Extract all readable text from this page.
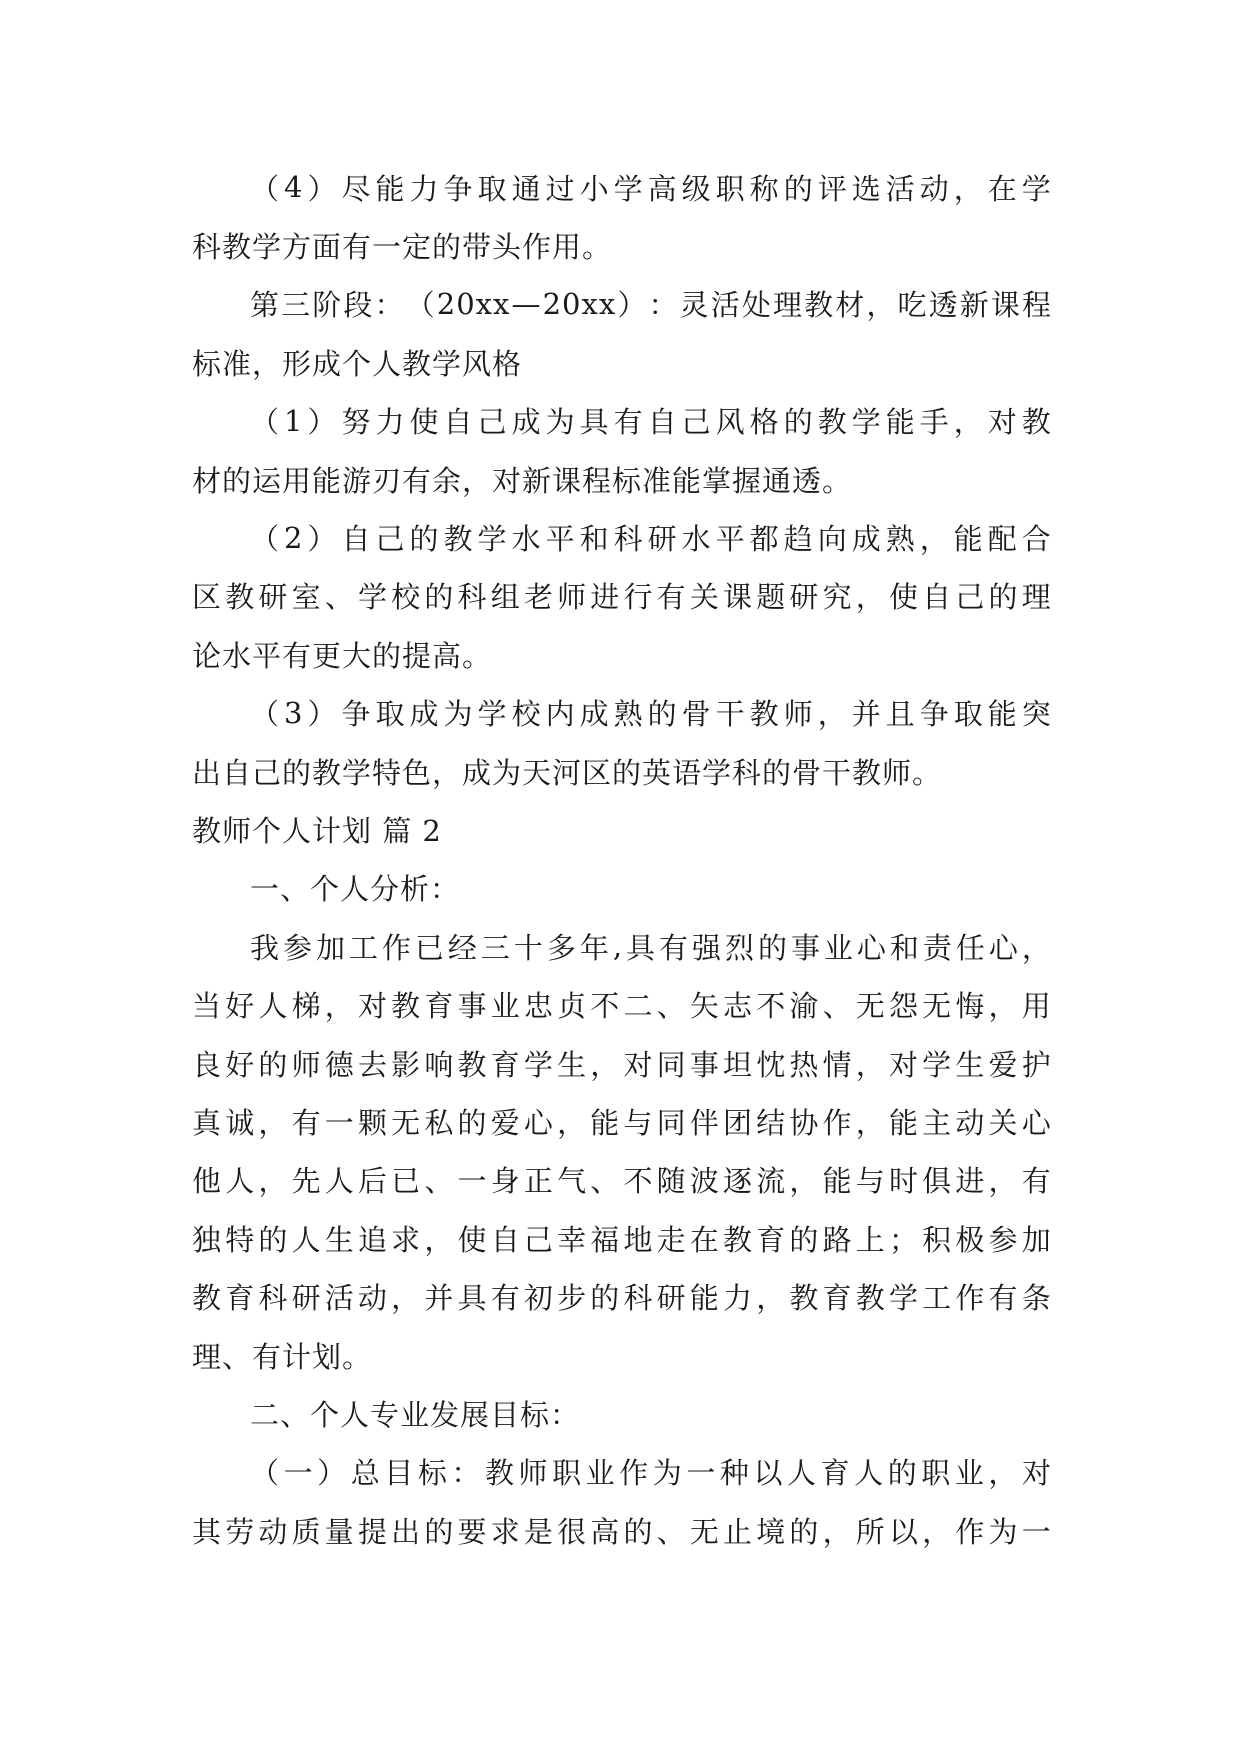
（ 4 ） 尽 能 力 争 取 通 过 小 学 高 级 职 称 的 评 选 活 动 ， 在 学
科教学方面有一定的带头作用。
第 三 阶 段 ： （ 20xx — 20xx ） ： 灵 活 处 理 教 材 ， 吃 透 新 课 程
标准，形成个人教学风格
（ 1 ） 努 力 使 自 己 成 为 具 有 自 己 风 格 的 教 学 能 手 ， 对 教
材的运用能游刃有余，对新课程标准能掌握通透。
（ 2 ） 自 己 的 教 学 水 平 和 科 研 水 平 都 趋 向 成 熟 ， 能 配 合
区 教 研 室 、 学 校 的 科 组 老 师 进 行 有 关 课 题 研 究 ， 使 自 己 的 理
论水平有更大的提高。
（ 3 ） 争 取 成 为 学 校 内 成 熟 的 骨 干 教 师 ， 并 且 争 取 能 突
出自己的教学特色，成为天河区的英语学科的骨干教师。
教师个人计划 篇 2
一、个人分析：
我 参 加 工 作 已 经 三 十 多 年 , 具 有 强 烈 的 事 业 心 和 责 任 心 ，
当 好 人 梯 ， 对 教 育 事 业 忠 贞 不 二 、 矢 志 不 渝 、 无 怨 无 悔 ， 用
良 好 的 师 德 去 影 响 教 育 学 生 ， 对 同 事 坦 忱 热 情 ， 对 学 生 爱 护
真 诚 ， 有 一 颗 无 私 的 爱 心 ， 能 与 同 伴 团 结 协 作 ， 能 主 动 关 心
他 人 ， 先 人 后 已 、 一 身 正 气 、 不 随 波 逐 流 ， 能 与 时 俱 进 ， 有
独 特 的 人 生 追 求 ， 使 自 己 幸 福 地 走 在 教 育 的 路 上 ； 积 极 参 加
教 育 科 研 活 动 ， 并 具 有 初 步 的 科 研 能 力 ， 教 育 教 学 工 作 有 条
理、有计划。
二、个人专业发展目标：
（ 一 ） 总 目 标 ： 教 师 职 业 作 为 一 种 以 人 育 人 的 职 业 ， 对
其 劳 动 质 量 提 出 的 要 求 是 很 高 的 、 无 止 境 的 ， 所 以 ， 作 为 一
